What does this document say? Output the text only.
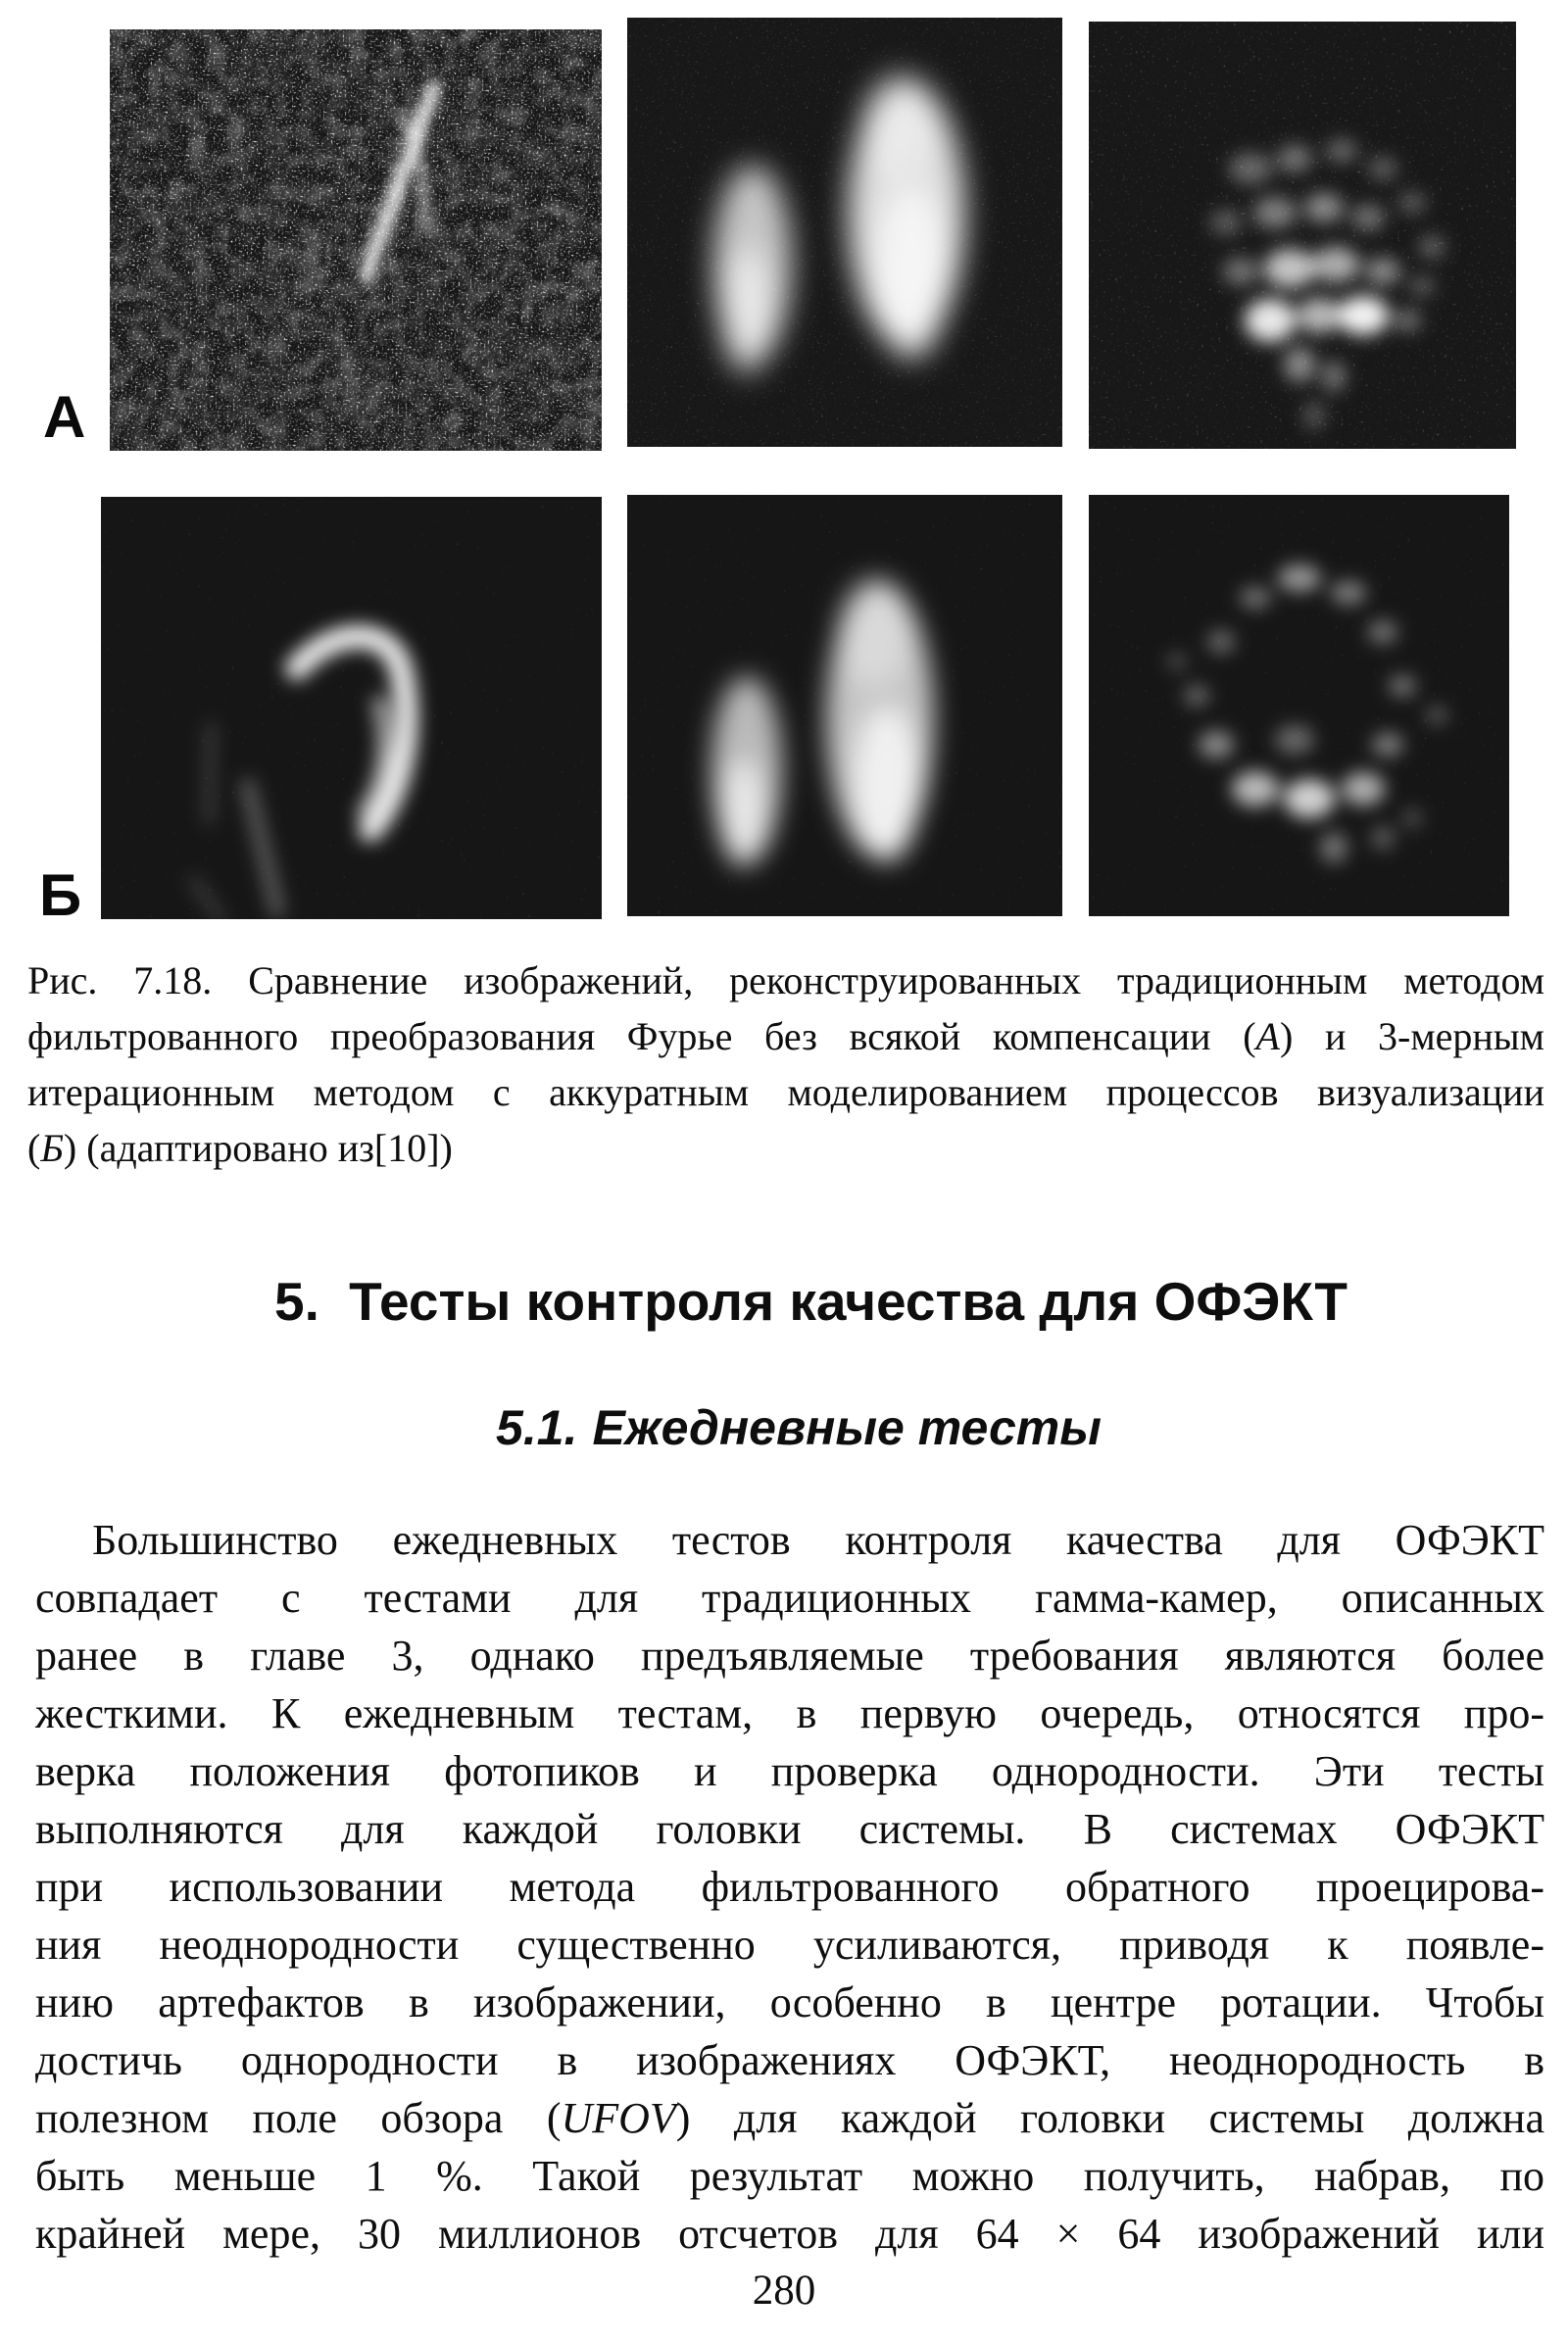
А
Б
Рис. 7.18. Сравнение изображений, реконструированных традиционным методом
фильтрованного преобразования Фурье без всякой компенсации (А) и 3-мерным
итерационным методом с аккуратным моделированием процессов визуализации
(Б) (адаптировано из[10])
5. Тесты контроля качества для ОФЭКТ
5.1. Ежедневные тесты
Большинство ежедневных тестов контроля качества для ОФЭКТ
совпадает с тестами для традиционных гамма-камер, описанных
ранее в главе 3, однако предъявляемые требования являются более
жесткими. К ежедневным тестам, в первую очередь, относятся про-
верка положения фотопиков и проверка однородности. Эти тесты
выполняются для каждой головки системы. В системах ОФЭКТ
при использовании метода фильтрованного обратного проецирова-
ния неоднородности существенно усиливаются, приводя к появле-
нию артефактов в изображении, особенно в центре ротации. Чтобы
достичь однородности в изображениях ОФЭКТ, неоднородность в
полезном поле обзора (UFOV) для каждой головки системы должна
быть меньше 1 %. Такой результат можно получить, набрав, по
крайней мере, 30 миллионов отсчетов для 64 × 64 изображений или
280
